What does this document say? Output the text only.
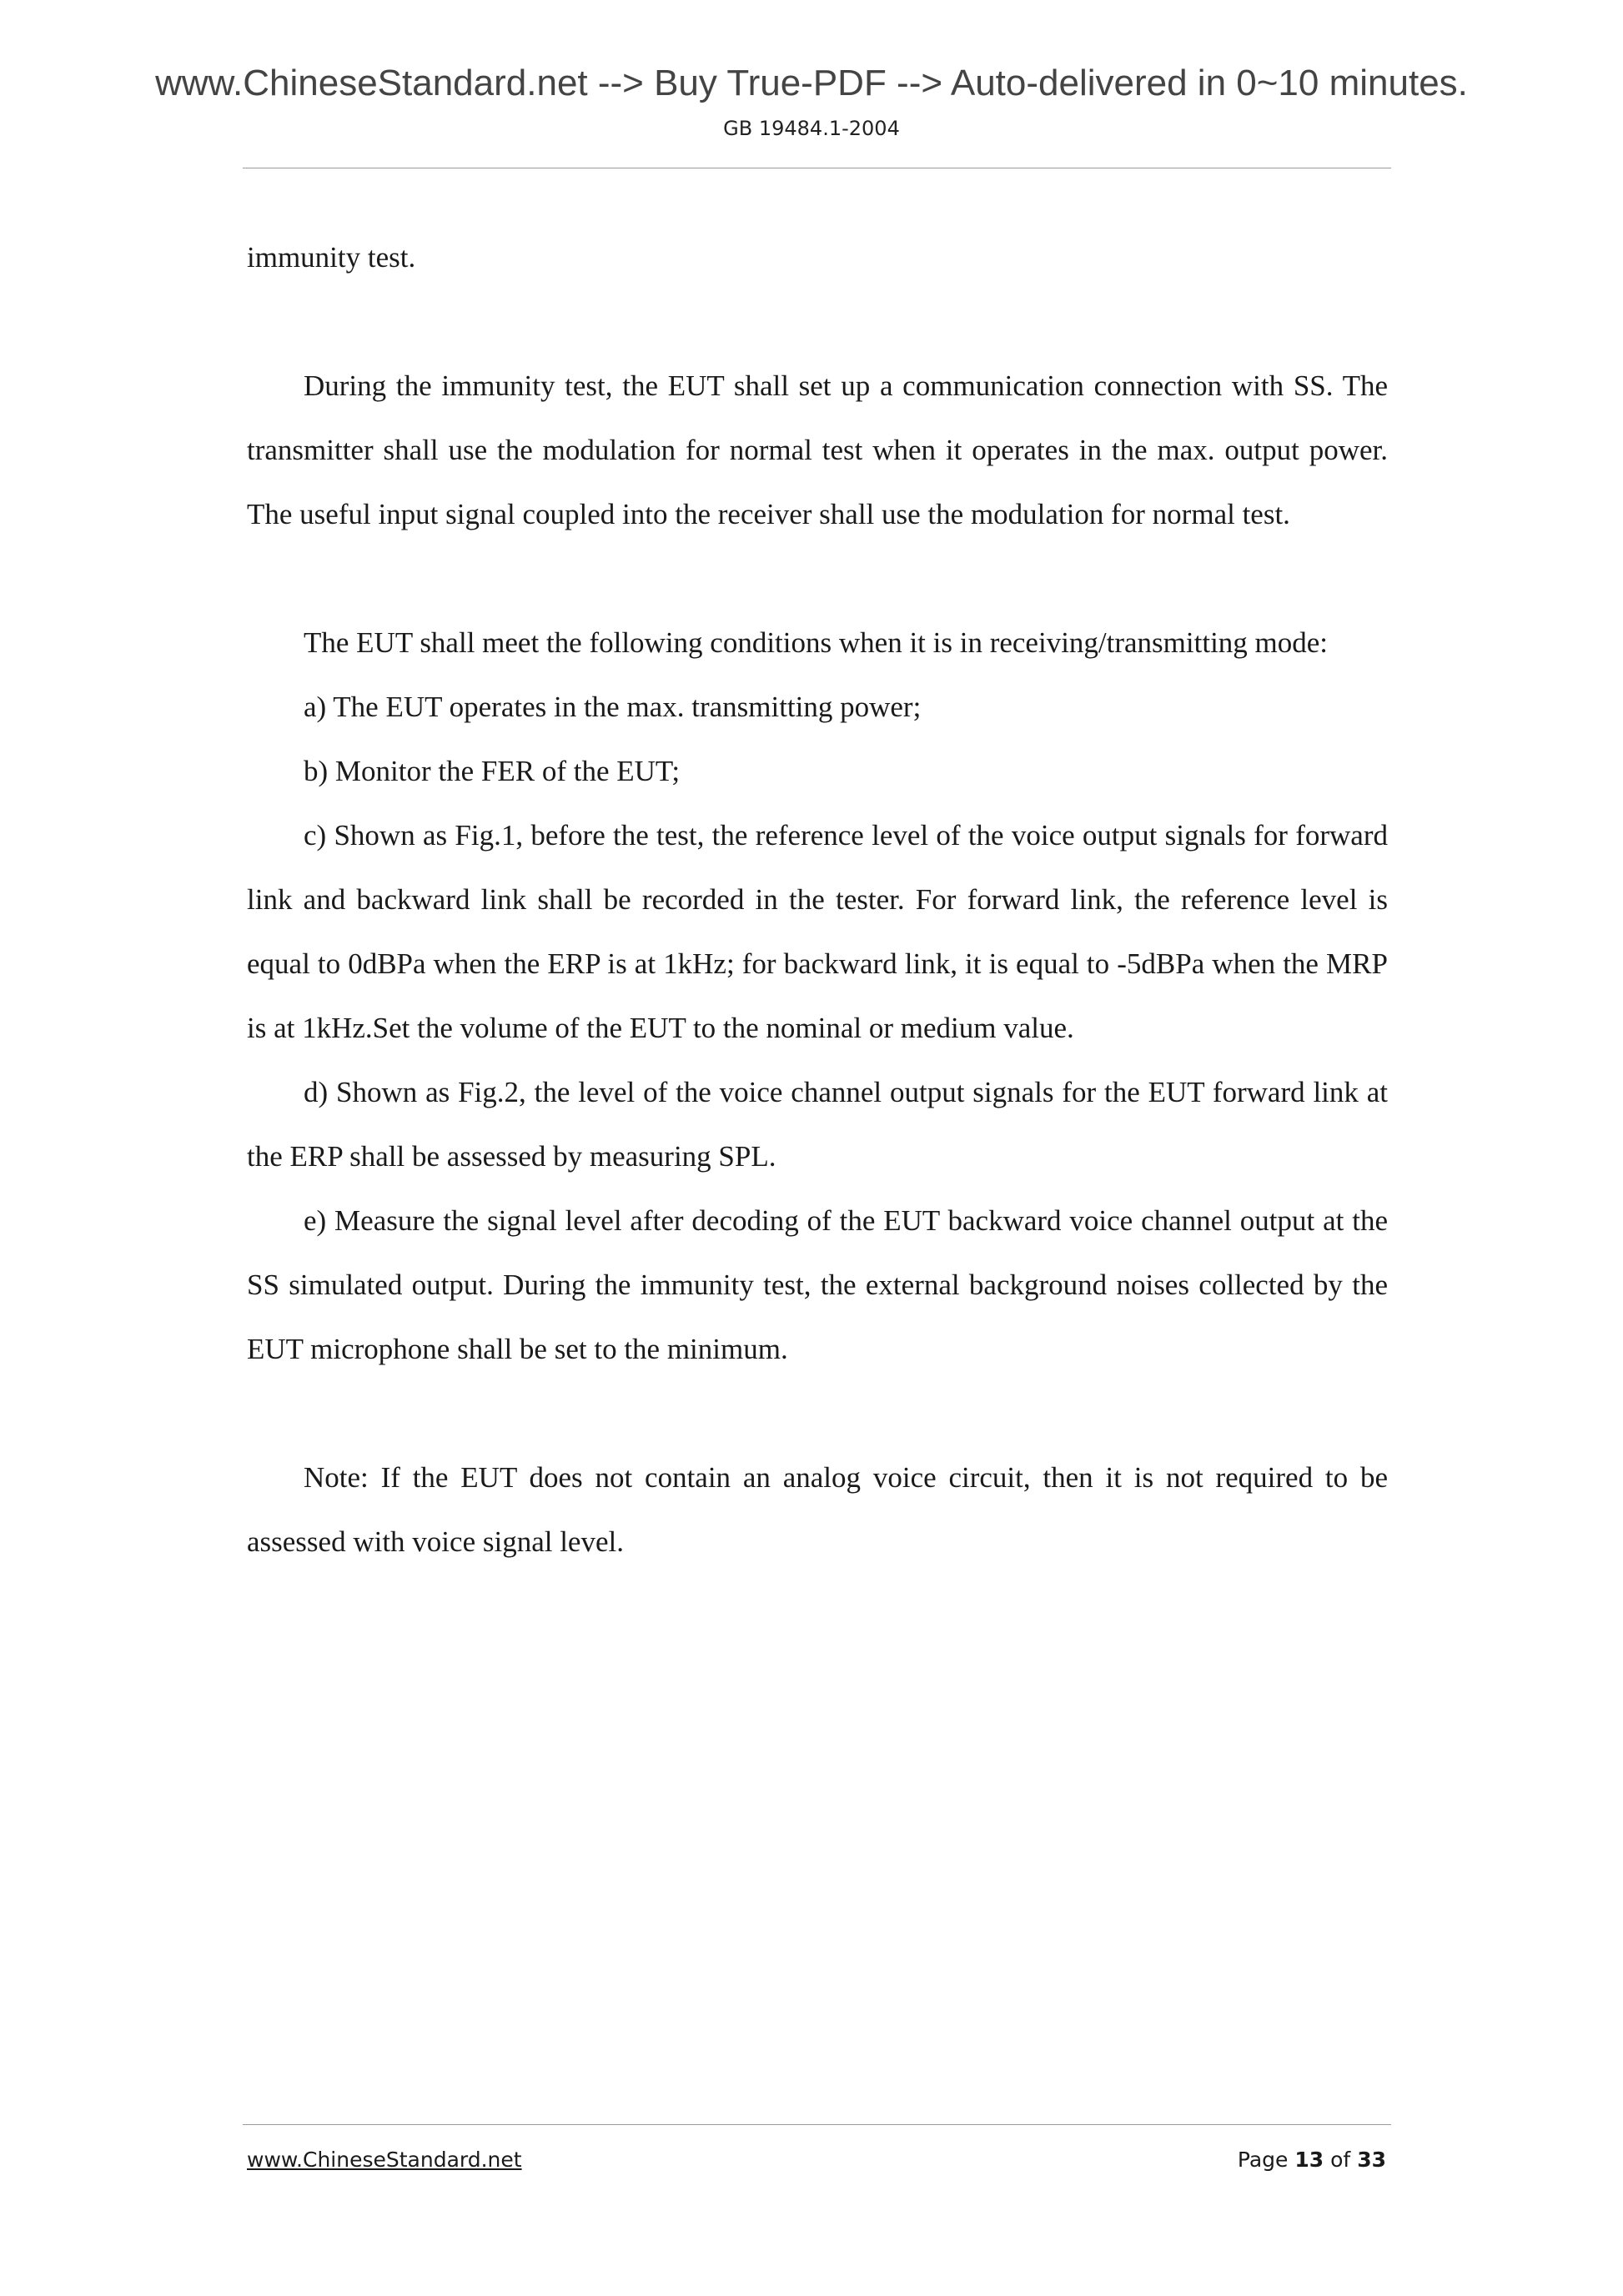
www.ChineseStandard.net --> Buy True-PDF --> Auto-delivered in 0~10 minutes.
GB 19484.1-2004

immunity test.

During the immunity test, the EUT shall set up a communication connection with SS. The transmitter shall use the modulation for normal test when it operates in the max. output power. The useful input signal coupled into the receiver shall use the modulation for normal test.

The EUT shall meet the following conditions when it is in receiving/transmitting mode:

a) The EUT operates in the max. transmitting power;

b) Monitor the FER of the EUT;

c) Shown as Fig.1, before the test, the reference level of the voice output signals for forward link and backward link shall be recorded in the tester. For forward link, the reference level is equal to 0dBPa when the ERP is at 1kHz; for backward link, it is equal to -5dBPa when the MRP is at 1kHz.Set the volume of the EUT to the nominal or medium value.

d) Shown as Fig.2, the level of the voice channel output signals for the EUT forward link at the ERP shall be assessed by measuring SPL.

e) Measure the signal level after decoding of the EUT backward voice channel output at the SS simulated output. During the immunity test, the external background noises collected by the EUT microphone shall be set to the minimum.

Note: If the EUT does not contain an analog voice circuit, then it is not required to be assessed with voice signal level.

www.ChineseStandard.net	Page 13 of 33
